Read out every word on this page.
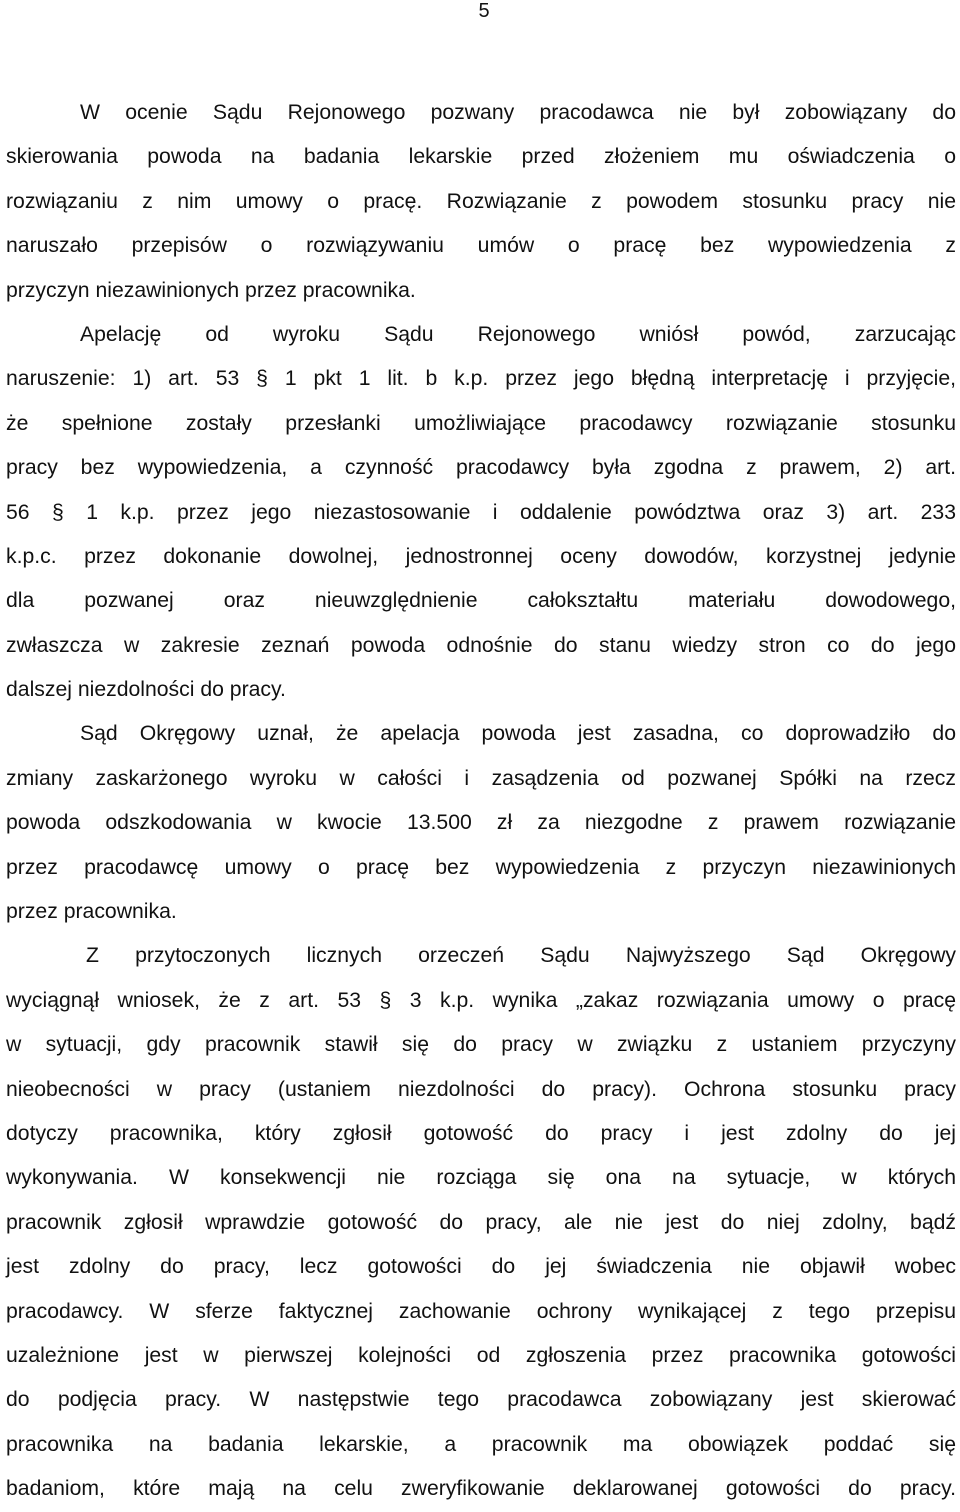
5
W ocenie Sądu Rejonowego pozwany pracodawca nie był zobowiązany do
skierowania powoda na badania lekarskie przed złożeniem mu oświadczenia o
rozwiązaniu z nim umowy o pracę. Rozwiązanie z powodem stosunku pracy nie
naruszało przepisów o rozwiązywaniu umów o pracę bez wypowiedzenia z
przyczyn niezawinionych przez pracownika.
Apelację od wyroku Sądu Rejonowego wniósł powód, zarzucając
naruszenie: 1) art. 53 § 1 pkt 1 lit. b k.p. przez jego błędną interpretację i przyjęcie,
że spełnione zostały przesłanki umożliwiające pracodawcy rozwiązanie stosunku
pracy bez wypowiedzenia, a czynność pracodawcy była zgodna z prawem, 2) art.
56 § 1 k.p. przez jego niezastosowanie i oddalenie powództwa oraz 3) art. 233
k.p.c. przez dokonanie dowolnej, jednostronnej oceny dowodów, korzystnej jedynie
dla pozwanej oraz nieuwzględnienie całokształtu materiału dowodowego,
zwłaszcza w zakresie zeznań powoda odnośnie do stanu wiedzy stron co do jego
dalszej niezdolności do pracy.
Sąd Okręgowy uznał, że apelacja powoda jest zasadna, co doprowadziło do
zmiany zaskarżonego wyroku w całości i zasądzenia od pozwanej Spółki na rzecz
powoda odszkodowania w kwocie 13.500 zł za niezgodne z prawem rozwiązanie
przez pracodawcę umowy o pracę bez wypowiedzenia z przyczyn niezawinionych
przez pracownika.
Z przytoczonych licznych orzeczeń Sądu Najwyższego Sąd Okręgowy
wyciągnął wniosek, że z art. 53 § 3 k.p. wynika „zakaz rozwiązania umowy o pracę
w sytuacji, gdy pracownik stawił się do pracy w związku z ustaniem przyczyny
nieobecności w pracy (ustaniem niezdolności do pracy). Ochrona stosunku pracy
dotyczy pracownika, który zgłosił gotowość do pracy i jest zdolny do jej
wykonywania. W konsekwencji nie rozciąga się ona na sytuacje, w których
pracownik zgłosił wprawdzie gotowość do pracy, ale nie jest do niej zdolny, bądź
jest zdolny do pracy, lecz gotowości do jej świadczenia nie objawił wobec
pracodawcy. W sferze faktycznej zachowanie ochrony wynikającej z tego przepisu
uzależnione jest w pierwszej kolejności od zgłoszenia przez pracownika gotowości
do podjęcia pracy. W następstwie tego pracodawca zobowiązany jest skierować
pracownika na badania lekarskie, a pracownik ma obowiązek poddać się
badaniom, które mają na celu zweryfikowanie deklarowanej gotowości do pracy.
